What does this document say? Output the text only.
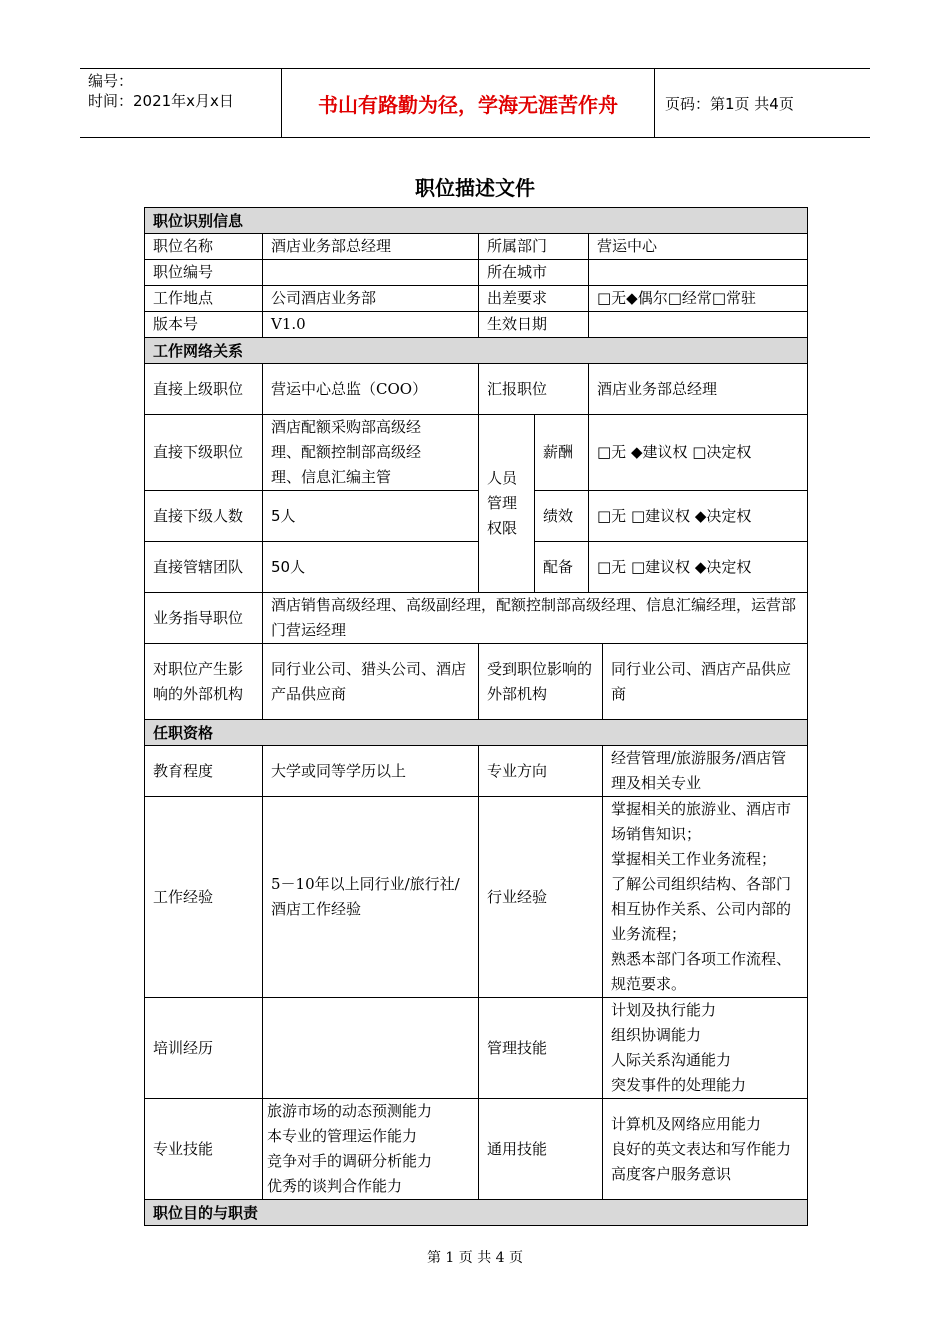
编号：
时间：2021年x月x日	书山有路勤为径，学海无涯苦作舟	页码：第1页 共4页
职位描述文件
职位识别信息					
职位名称	酒店业务部总经理	所属部门		营运中心	
职位编号		所在城市			
工作地点	公司酒店业务部	出差要求		□无◆偶尔□经常□常驻	
版本号	V1.0	生效日期			
工作网络关系					
直接上级职位	营运中心总监（COO）	汇报职位		酒店业务部总经理	
直接下级职位	酒店配额采购部高级经
理、配额控制部高级经
理、信息汇编主管	人员
管理
权限	薪酬	□无 ◆建议权 □决定权	
直接下级人数	5人		绩效	□无 □建议权 ◆决定权	
直接管辖团队	50人		配备	□无 □建议权 ◆决定权	
业务指导职位	酒店销售高级经理、高级副经理，配额控制部高级经理、信息汇编经理，运营部门营运经理				
对职位产生影响的外部机构	同行业公司、猎头公司、酒店产品供应商	受到职位影响的外部机构			同行业公司、酒店产品供应商
任职资格					
教育程度	大学或同等学历以上	专业方向			经营管理/旅游服务/酒店管理及相关专业
工作经验	5－10年以上同行业/旅行社/酒店工作经验	行业经验			掌握相关的旅游业、酒店市场销售知识；
掌握相关工作业务流程；
了解公司组织结构、各部门相互协作关系、公司内部的业务流程；
熟悉本部门各项工作流程、规范要求。

培训经历		管理技能			计划及执行能力
组织协调能力
人际关系沟通能力
突发事件的处理能力

专业技能	旅游市场的动态预测能力
本专业的管理运作能力
竞争对手的调研分析能力
优秀的谈判合作能力	通用技能			计算机及网络应用能力
良好的英文表达和写作能力
高度客户服务意识

职位目的与职责					
第 1 页 共 4 页
